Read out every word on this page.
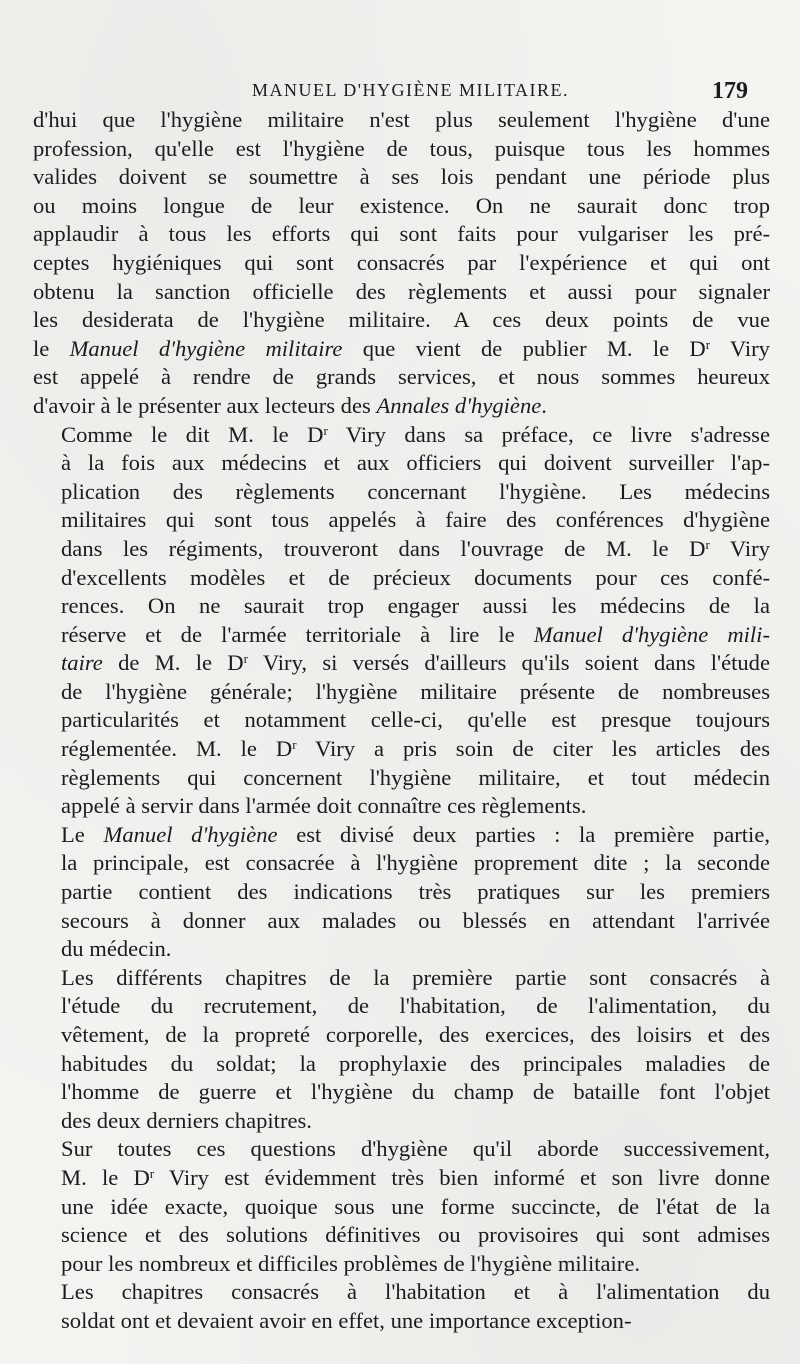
MANUEL D'HYGIÈNE MILITAIRE.	179

d'hui que l'hygiène militaire n'est plus seulement l'hygiène d'une
profession, qu'elle est l'hygiène de tous, puisque tous les hommes
valides doivent se soumettre à ses lois pendant une période plus
ou moins longue de leur existence. On ne saurait donc trop
applaudir à tous les efforts qui sont faits pour vulgariser les pré-
ceptes hygiéniques qui sont consacrés par l'expérience et qui ont
obtenu la sanction officielle des règlements et aussi pour signaler
les desiderata de l'hygiène militaire. A ces deux points de vue
le Manuel d'hygiène militaire que vient de publier M. le $D^r$ Viry
est appelé à rendre de grands services, et nous sommes heureux
d'avoir à le présenter aux lecteurs des Annales d'hygiène.

Comme le dit M. le $D^r$ Viry dans sa préface, ce livre s'adresse
à la fois aux médecins et aux officiers qui doivent surveiller l'ap-
plication des règlements concernant l'hygiène. Les médecins
militaires qui sont tous appelés à faire des conférences d'hygiène
dans les régiments, trouveront dans l'ouvrage de M. le $D^r$ Viry
d'excellents modèles et de précieux documents pour ces confé-
rences. On ne saurait trop engager aussi les médecins de la
réserve et de l'armée territoriale à lire le Manuel d'hygiène mili-
taire de M. le $D^r$ Viry, si versés d'ailleurs qu'ils soient dans l'étude
de l'hygiène générale; l'hygiène militaire présente de nombreuses
particularités et notamment celle-ci, qu'elle est presque toujours
réglementée. M. le $D^r$ Viry a pris soin de citer les articles des
règlements qui concernent l'hygiène militaire, et tout médecin
appelé à servir dans l'armée doit connaître ces règlements.

Le Manuel d'hygiène est divisé deux parties : la première partie,
la principale, est consacrée à l'hygiène proprement dite ; la seconde
partie contient des indications très pratiques sur les premiers
secours à donner aux malades ou blessés en attendant l'arrivée
du médecin.

Les différents chapitres de la première partie sont consacrés à
l'étude du recrutement, de l'habitation, de l'alimentation, du
vêtement, de la propreté corporelle, des exercices, des loisirs et des
habitudes du soldat; la prophylaxie des principales maladies de
l'homme de guerre et l'hygiène du champ de bataille font l'objet
des deux derniers chapitres.

Sur toutes ces questions d'hygiène qu'il aborde successivement,
M. le $D^r$ Viry est évidemment très bien informé et son livre donne
une idée exacte, quoique sous une forme succincte, de l'état de la
science et des solutions définitives ou provisoires qui sont admises
pour les nombreux et difficiles problèmes de l'hygiène militaire.

Les chapitres consacrés à l'habitation et à l'alimentation du
soldat ont et devaient avoir en effet, une importance exception-
